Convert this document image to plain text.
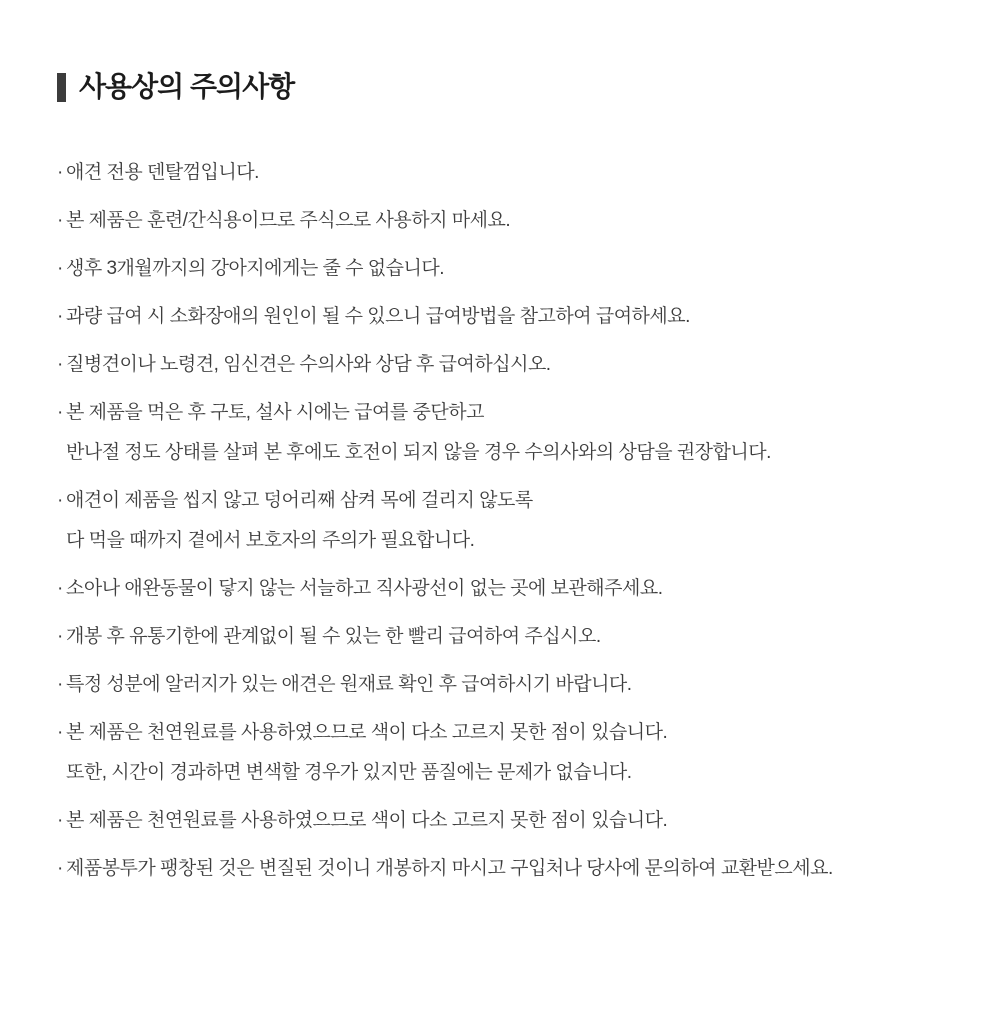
사용상의 주의사항
· 애견 전용 덴탈껌입니다.
· 본 제품은 훈련/간식용이므로 주식으로 사용하지 마세요.
· 생후 3개월까지의 강아지에게는 줄 수 없습니다.
· 과량 급여 시 소화장애의 원인이 될 수 있으니 급여방법을 참고하여 급여하세요.
· 질병견이나 노령견, 임신견은 수의사와 상담 후 급여하십시오.
· 본 제품을 먹은 후 구토, 설사 시에는 급여를 중단하고
반나절 정도 상태를 살펴 본 후에도 호전이 되지 않을 경우 수의사와의 상담을 권장합니다.
· 애견이 제품을 씹지 않고 덩어리째 삼켜 목에 걸리지 않도록
다 먹을 때까지 곁에서 보호자의 주의가 필요합니다.
· 소아나 애완동물이 닿지 않는 서늘하고 직사광선이 없는 곳에 보관해주세요.
· 개봉 후 유통기한에 관계없이 될 수 있는 한 빨리 급여하여 주십시오.
· 특정 성분에 알러지가 있는 애견은 원재료 확인 후 급여하시기 바랍니다.
· 본 제품은 천연원료를 사용하였으므로 색이 다소 고르지 못한 점이 있습니다.
또한, 시간이 경과하면 변색할 경우가 있지만 품질에는 문제가 없습니다.
· 본 제품은 천연원료를 사용하였으므로 색이 다소 고르지 못한 점이 있습니다.
· 제품봉투가 팽창된 것은 변질된 것이니 개봉하지 마시고 구입처나 당사에 문의하여 교환받으세요.
